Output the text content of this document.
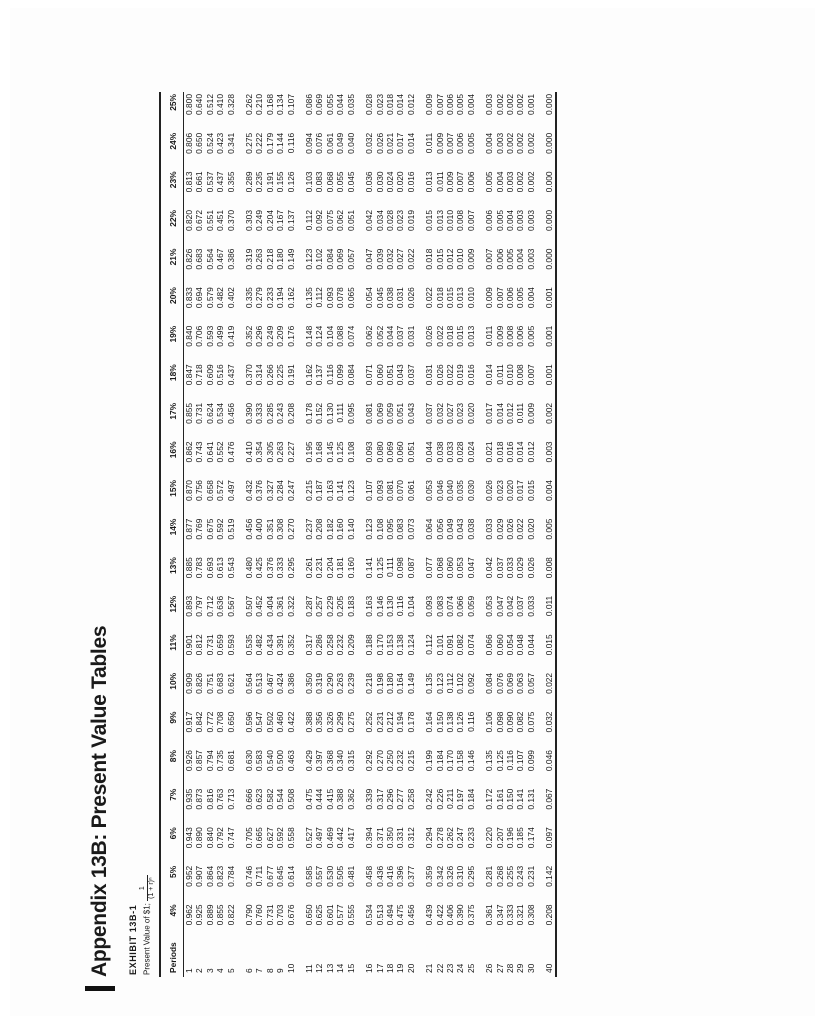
Appendix 13B: Present Value Tables EXHIBIT 13B-1 Present Value of $1;
1 (1 + r)ⁿ
Periods	4%	5%	6%	7%	8%	9%	10%	11%	12%	13%	14%	15%	16%	17%	18%	19%	20%	21%	22%	23%	24%	25%
1	0.962	0.952	0.943	0.935	0.926	0.917	0.909	0.901	0.893	0.885	0.877	0.870	0.862	0.855	0.847	0.840	0.833	0.826	0.820	0.813	0.806	0.800
2	0.925	0.907	0.890	0.873	0.857	0.842	0.826	0.812	0.797	0.783	0.769	0.756	0.743	0.731	0.718	0.706	0.694	0.683	0.672	0.661	0.650	0.640
3	0.889	0.864	0.840	0.816	0.794	0.772	0.751	0.731	0.712	0.693	0.675	0.658	0.641	0.624	0.609	0.593	0.579	0.564	0.551	0.537	0.524	0.512
4	0.855	0.823	0.792	0.763	0.735	0.708	0.683	0.659	0.636	0.613	0.592	0.572	0.552	0.534	0.516	0.499	0.482	0.467	0.451	0.437	0.423	0.410
5	0.822	0.784	0.747	0.713	0.681	0.650	0.621	0.593	0.567	0.543	0.519	0.497	0.476	0.456	0.437	0.419	0.402	0.386	0.370	0.355	0.341	0.328
6	0.790	0.746	0.705	0.666	0.630	0.596	0.564	0.535	0.507	0.480	0.456	0.432	0.410	0.390	0.370	0.352	0.335	0.319	0.303	0.289	0.275	0.262
7	0.760	0.711	0.665	0.623	0.583	0.547	0.513	0.482	0.452	0.425	0.400	0.376	0.354	0.333	0.314	0.296	0.279	0.263	0.249	0.235	0.222	0.210
8	0.731	0.677	0.627	0.582	0.540	0.502	0.467	0.434	0.404	0.376	0.351	0.327	0.305	0.285	0.266	0.249	0.233	0.218	0.204	0.191	0.179	0.168
9	0.703	0.645	0.592	0.544	0.500	0.460	0.424	0.391	0.361	0.333	0.308	0.284	0.263	0.243	0.225	0.209	0.194	0.180	0.167	0.155	0.144	0.134
10	0.676	0.614	0.558	0.508	0.463	0.422	0.386	0.352	0.322	0.295	0.270	0.247	0.227	0.208	0.191	0.176	0.162	0.149	0.137	0.126	0.116	0.107
11	0.650	0.585	0.527	0.475	0.429	0.388	0.350	0.317	0.287	0.261	0.237	0.215	0.195	0.178	0.162	0.148	0.135	0.123	0.112	0.103	0.094	0.086
12	0.625	0.557	0.497	0.444	0.397	0.356	0.319	0.286	0.257	0.231	0.208	0.187	0.168	0.152	0.137	0.124	0.112	0.102	0.092	0.083	0.076	0.069
13	0.601	0.530	0.469	0.415	0.368	0.326	0.290	0.258	0.229	0.204	0.182	0.163	0.145	0.130	0.116	0.104	0.093	0.084	0.075	0.068	0.061	0.055
14	0.577	0.505	0.442	0.388	0.340	0.299	0.263	0.232	0.205	0.181	0.160	0.141	0.125	0.111	0.099	0.088	0.078	0.069	0.062	0.055	0.049	0.044
15	0.555	0.481	0.417	0.362	0.315	0.275	0.239	0.209	0.183	0.160	0.140	0.123	0.108	0.095	0.084	0.074	0.065	0.057	0.051	0.045	0.040	0.035
16	0.534	0.458	0.394	0.339	0.292	0.252	0.218	0.188	0.163	0.141	0.123	0.107	0.093	0.081	0.071	0.062	0.054	0.047	0.042	0.036	0.032	0.028
17	0.513	0.436	0.371	0.317	0.270	0.231	0.198	0.170	0.146	0.125	0.108	0.093	0.080	0.069	0.060	0.052	0.045	0.039	0.034	0.030	0.026	0.023
18	0.494	0.416	0.350	0.296	0.250	0.212	0.180	0.153	0.130	0.111	0.095	0.081	0.069	0.059	0.051	0.044	0.038	0.032	0.028	0.024	0.021	0.018
19	0.475	0.396	0.331	0.277	0.232	0.194	0.164	0.138	0.116	0.098	0.083	0.070	0.060	0.051	0.043	0.037	0.031	0.027	0.023	0.020	0.017	0.014
20	0.456	0.377	0.312	0.258	0.215	0.178	0.149	0.124	0.104	0.087	0.073	0.061	0.051	0.043	0.037	0.031	0.026	0.022	0.019	0.016	0.014	0.012
21	0.439	0.359	0.294	0.242	0.199	0.164	0.135	0.112	0.093	0.077	0.064	0.053	0.044	0.037	0.031	0.026	0.022	0.018	0.015	0.013	0.011	0.009
22	0.422	0.342	0.278	0.226	0.184	0.150	0.123	0.101	0.083	0.068	0.056	0.046	0.038	0.032	0.026	0.022	0.018	0.015	0.013	0.011	0.009	0.007
23	0.406	0.326	0.262	0.211	0.170	0.138	0.112	0.091	0.074	0.060	0.049	0.040	0.033	0.027	0.022	0.018	0.015	0.012	0.010	0.009	0.007	0.006
24	0.390	0.310	0.247	0.197	0.158	0.126	0.102	0.082	0.066	0.053	0.043	0.035	0.028	0.023	0.019	0.015	0.013	0.010	0.008	0.007	0.006	0.005
25	0.375	0.295	0.233	0.184	0.146	0.116	0.092	0.074	0.059	0.047	0.038	0.030	0.024	0.020	0.016	0.013	0.010	0.009	0.007	0.006	0.005	0.004
26	0.361	0.281	0.220	0.172	0.135	0.106	0.084	0.066	0.053	0.042	0.033	0.026	0.021	0.017	0.014	0.011	0.009	0.007	0.006	0.005	0.004	0.003
27	0.347	0.268	0.207	0.161	0.125	0.098	0.076	0.060	0.047	0.037	0.029	0.023	0.018	0.014	0.011	0.009	0.007	0.006	0.005	0.004	0.003	0.002
28	0.333	0.255	0.196	0.150	0.116	0.090	0.069	0.054	0.042	0.033	0.026	0.020	0.016	0.012	0.010	0.008	0.006	0.005	0.004	0.003	0.002	0.002
29	0.321	0.243	0.185	0.141	0.107	0.082	0.063	0.048	0.037	0.029	0.022	0.017	0.014	0.011	0.008	0.006	0.005	0.004	0.003	0.002	0.002	0.002
30	0.308	0.231	0.174	0.131	0.099	0.075	0.057	0.044	0.033	0.026	0.020	0.015	0.012	0.009	0.007	0.005	0.004	0.003	0.003	0.002	0.002	0.001
40	0.208	0.142	0.097	0.067	0.046	0.032	0.022	0.015	0.011	0.008	0.005	0.004	0.003	0.002	0.001	0.001	0.001	0.000	0.000	0.000	0.000	0.000
